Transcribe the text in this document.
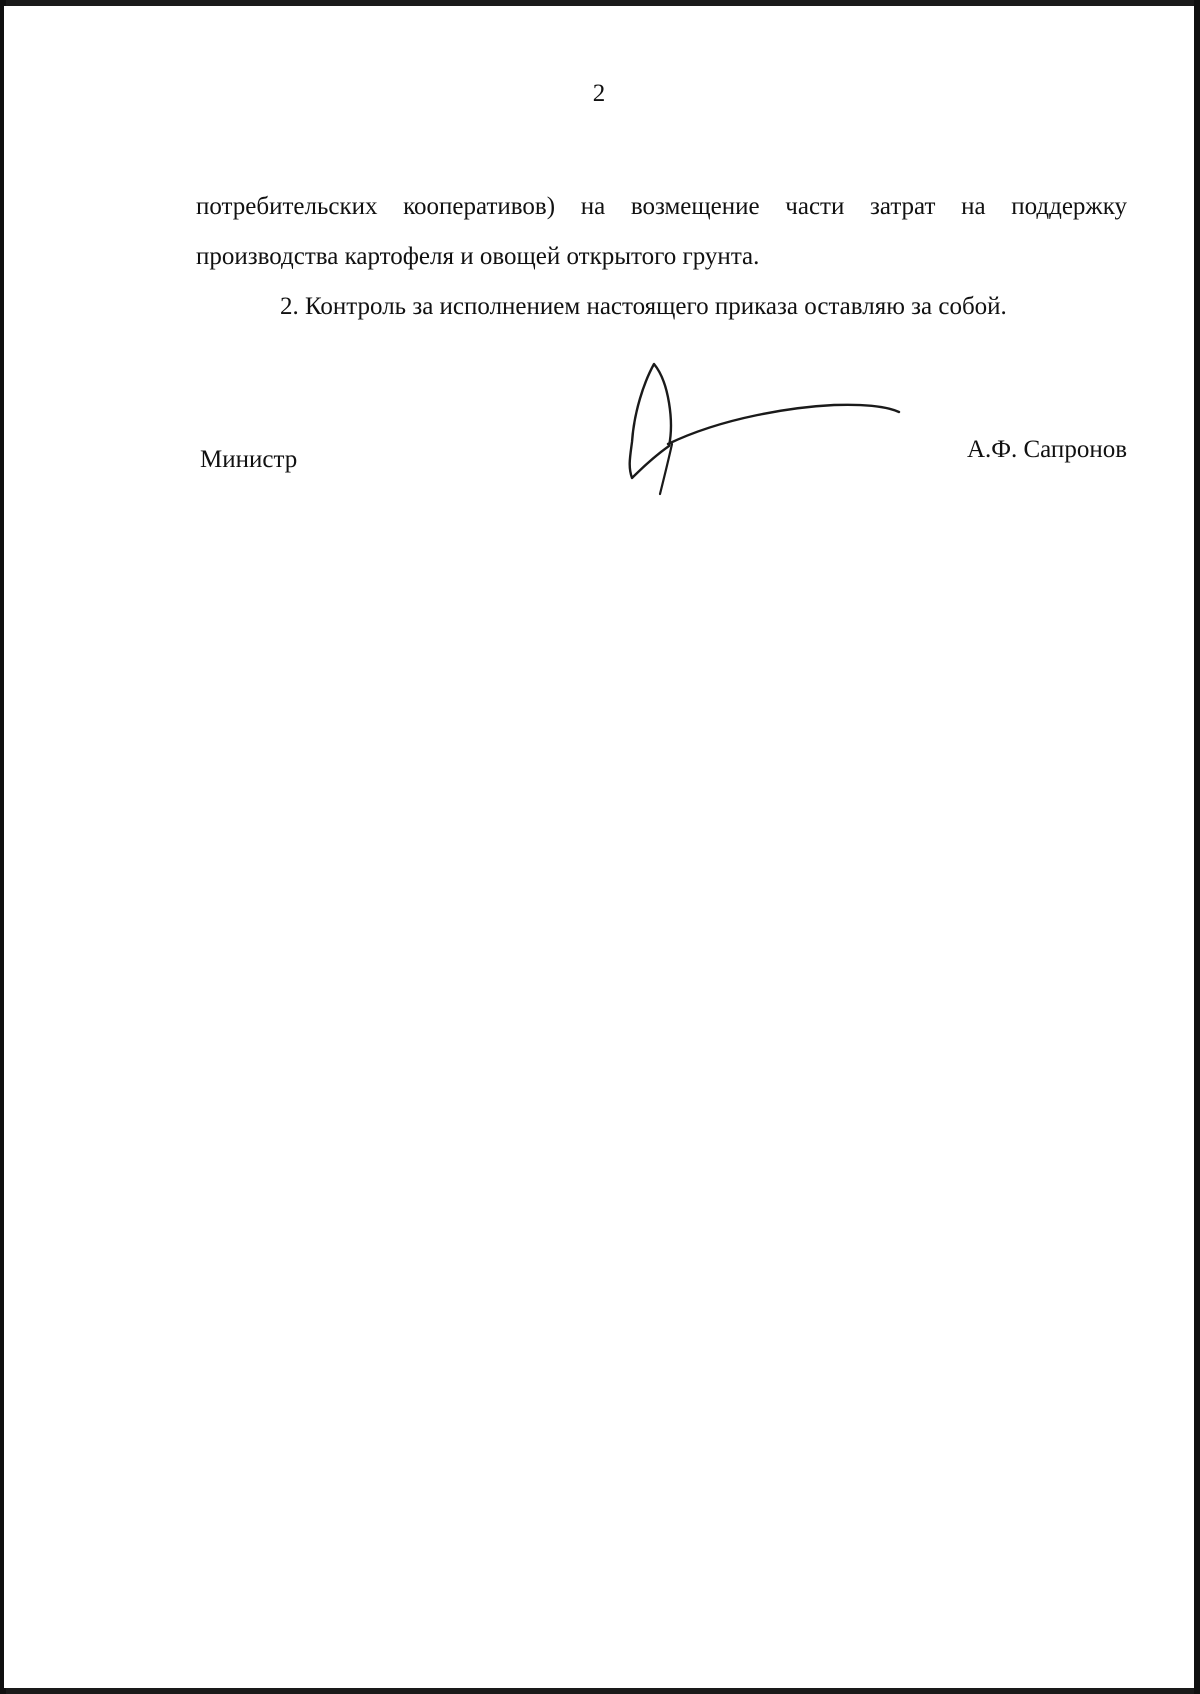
2
потребительских кооперативов) на возмещение части затрат на поддержку производства картофеля и овощей открытого грунта.
2. Контроль за исполнением настоящего приказа оставляю за собой.
Министр	А.Ф. Сапронов
